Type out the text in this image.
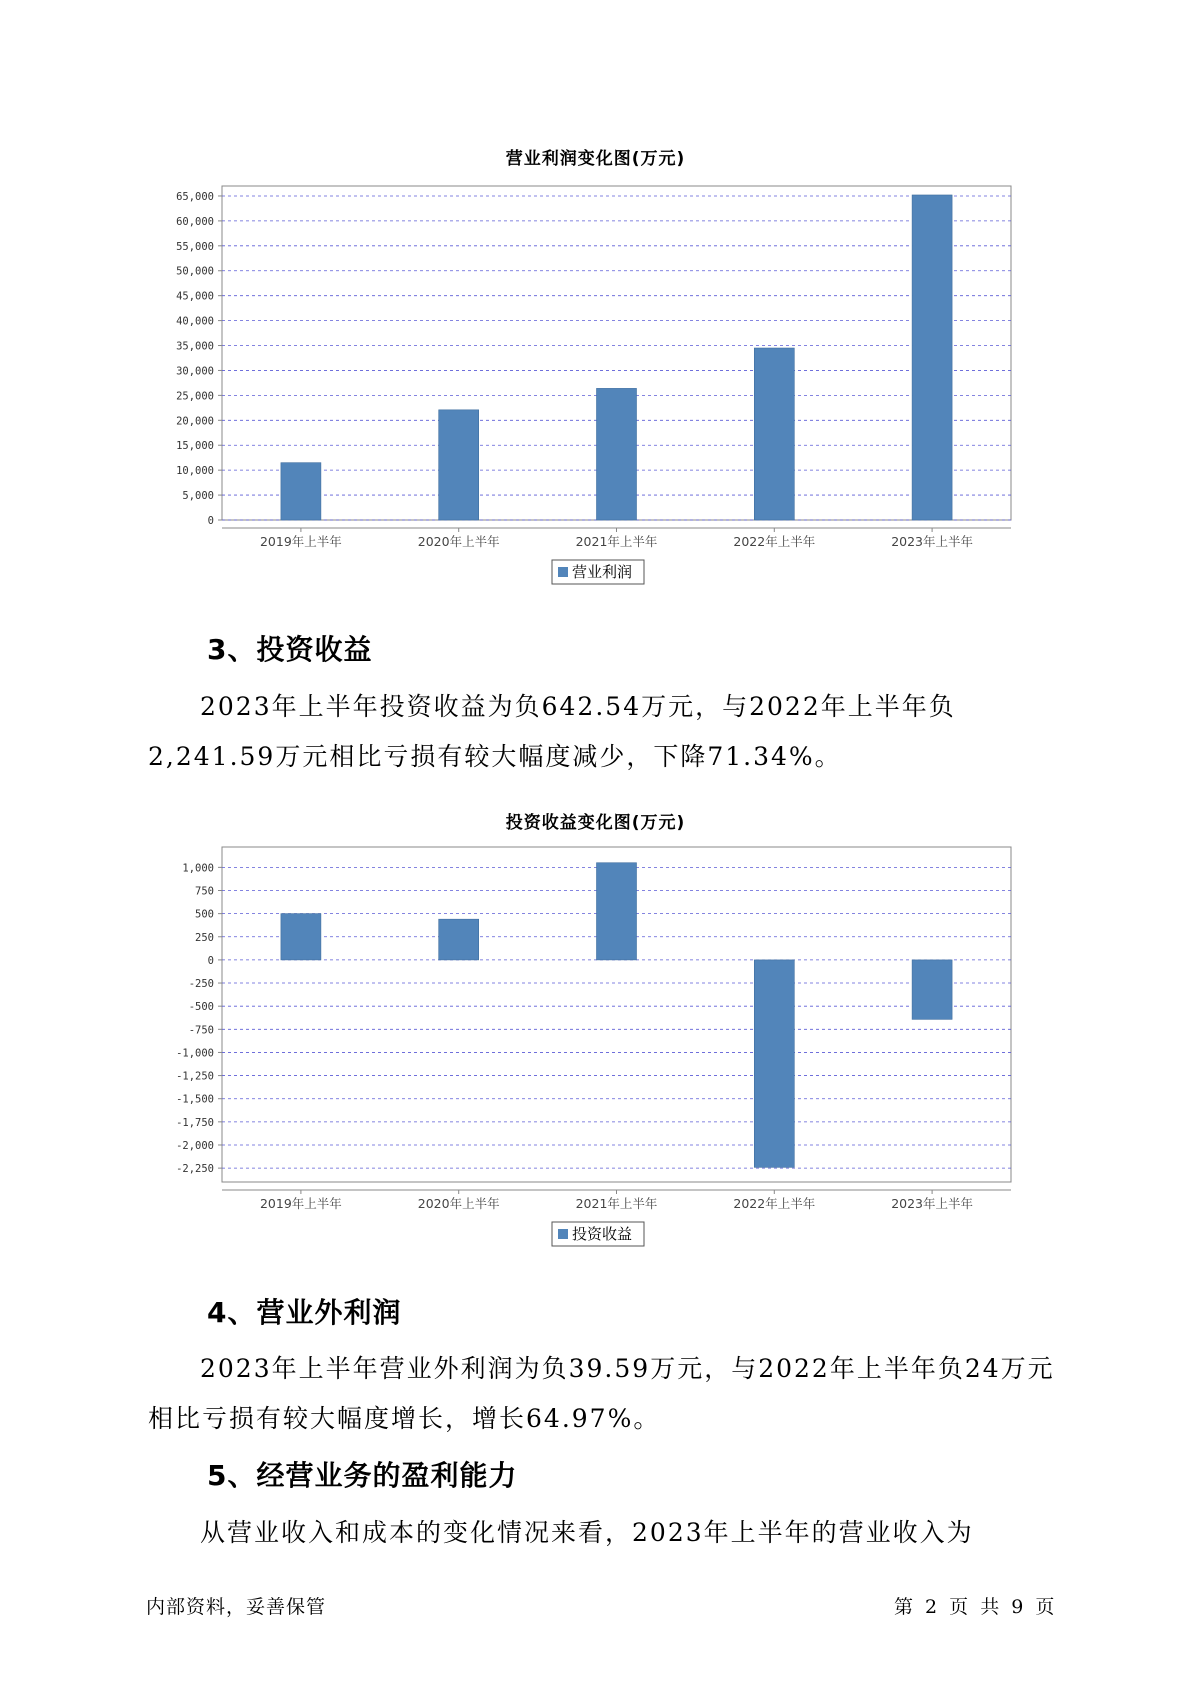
营业利润变化图(万元)
0
5,000
10,000
15,000
20,000
25,000
30,000
35,000
40,000
45,000
50,000
55,000
60,000
65,000
2019年上半年	2020年上半年	2021年上半年	2022年上半年	2023年上半年
营业利润
3、投资收益

2023年上半年投资收益为负642.54万元，与2022年上半年负2,241.59万元相比亏损有较大幅度减少，下降71.34%。

投资收益变化图(万元)
1,000
750
500
250
0
-250
-500
-750
-1,000
-1,250
-1,500
-1,750
-2,000
-2,250
2019年上半年	2020年上半年	2021年上半年	2022年上半年	2023年上半年
投资收益
4、营业外利润

2023年上半年营业外利润为负39.59万元，与2022年上半年负24万元相比亏损有较大幅度增长，增长64.97%。

5、经营业务的盈利能力

从营业收入和成本的变化情况来看，2023年上半年的营业收入为

内部资料，妥善保管	第 2 页 共 9 页
